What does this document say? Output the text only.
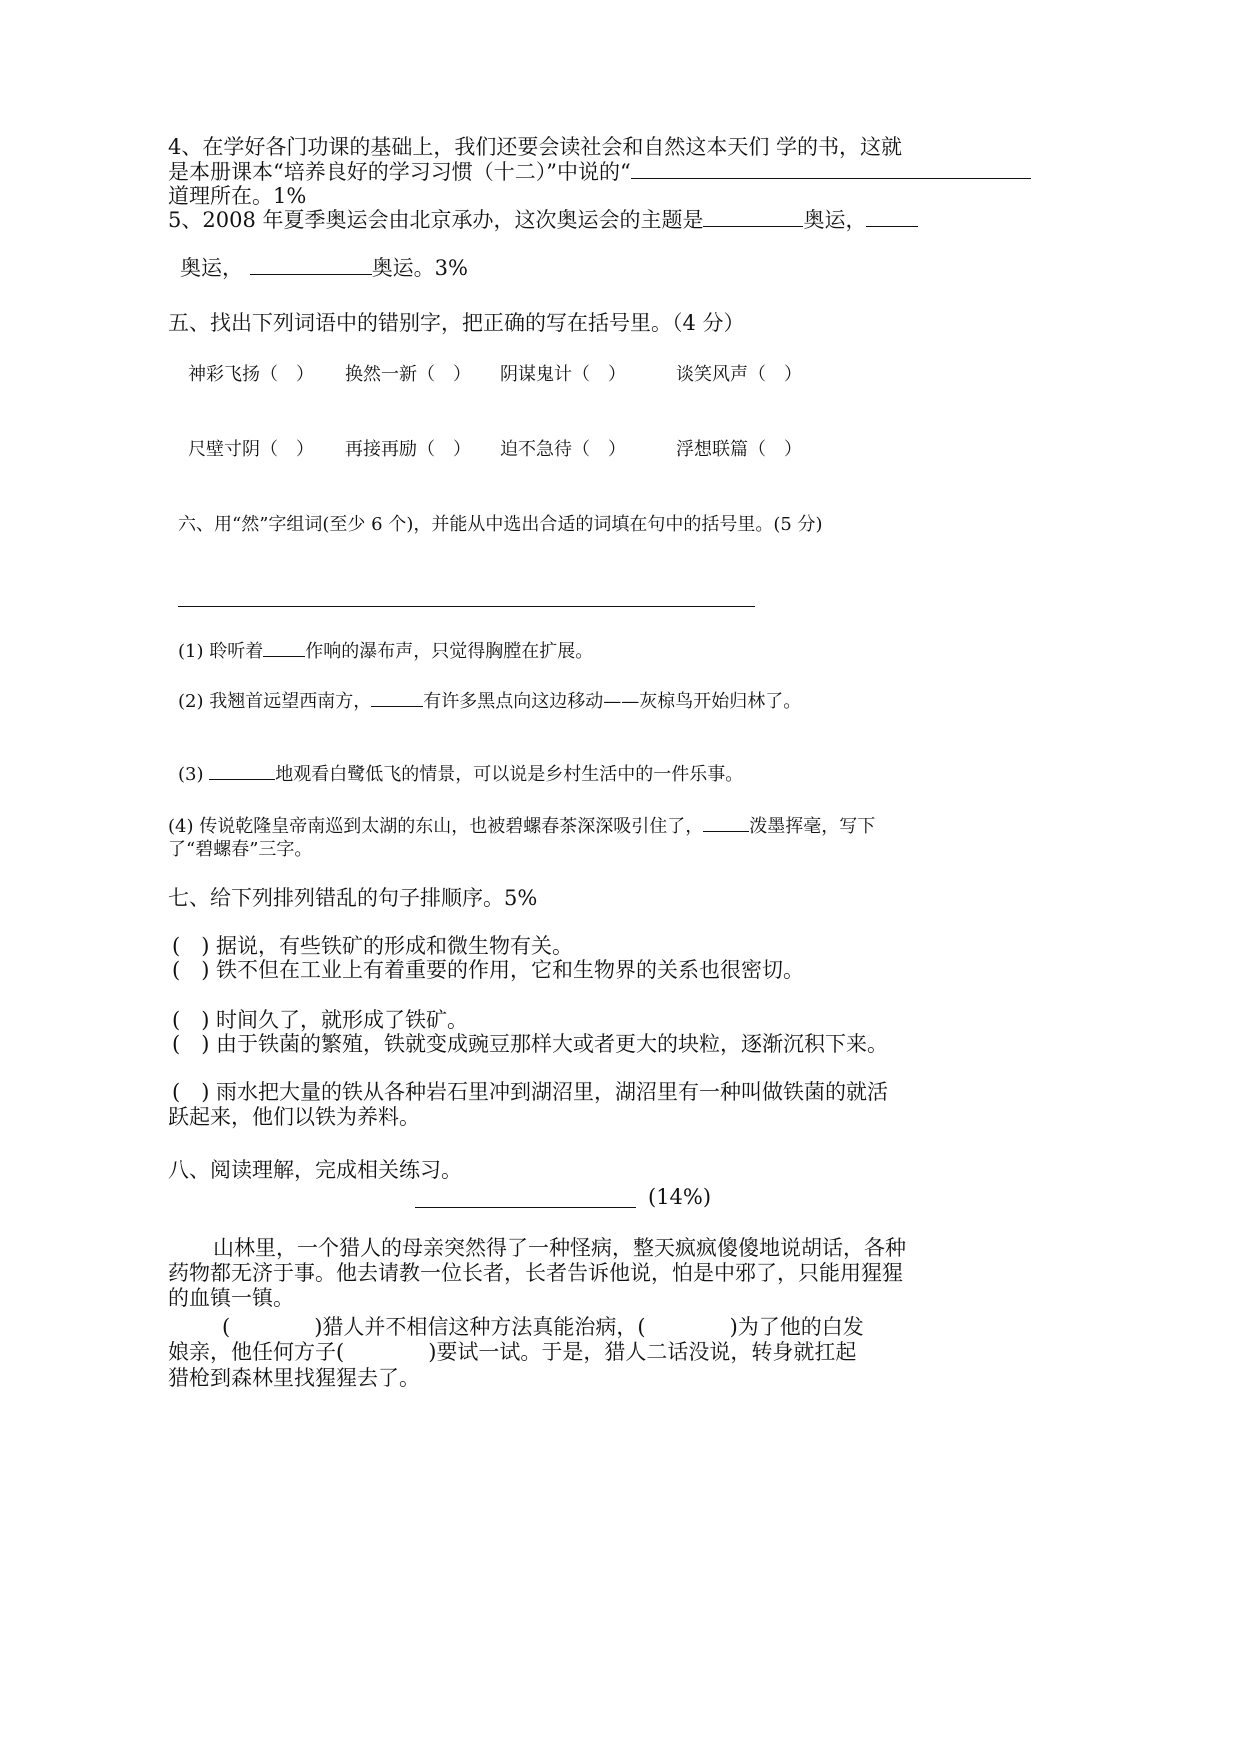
4、在学好各门功课的基础上，我们还要会读社会和自然这本天们 学的书，这就
是本册课本“培养良好的学习习惯（十二）”中说的“
道理所在。1%
5、2008 年夏季奥运会由北京承办，这次奥运会的主题是	奥运，
奥运，	奥运。3%
五、找出下列词语中的错别字，把正确的写在括号里。（4 分）
神彩飞扬（　） 换然一新（　） 阴谋鬼计（　）	谈笑风声（　）
尺壁寸阴（　） 再接再励（　） 迫不急待（　）	浮想联篇（　）
六、用“然”字组词(至少 6 个)，并能从中选出合适的词填在句中的括号里。(5 分)
(1) 聆听着 作响的瀑布声，只觉得胸膛在扩展。
(2) 我翘首远望西南方，	有许多黑点向这边移动——灰椋鸟开始归林了。
(3)	地观看白鹭低飞的情景，可以说是乡村生活中的一件乐事。
(4) 传说乾隆皇帝南巡到太湖的东山，也被碧螺春茶深深吸引住了，	泼墨挥毫，写下
了“碧螺春”三字。
七、给下列排列错乱的句子排顺序。5%
(　) 据说，有些铁矿的形成和微生物有关。
(　) 铁不但在工业上有着重要的作用，它和生物界的关系也很密切。
(　) 时间久了，就形成了铁矿。
(　) 由于铁菌的繁殖，铁就变成豌豆那样大或者更大的块粒，逐渐沉积下来。
(　) 雨水把大量的铁从各种岩石里冲到湖沼里，湖沼里有一种叫做铁菌的就活
跃起来，他们以铁为养料。
八、阅读理解，完成相关练习。
(14%)
山林里，一个猎人的母亲突然得了一种怪病，整天疯疯傻傻地说胡话，各种
药物都无济于事。他去请教一位长者，长者告诉他说，怕是中邪了，只能用猩猩
的血镇一镇。
(　　　　)猎人并不相信这种方法真能治病，(　　　　)为了他的白发
娘亲，他任何方子(　　　　)要试一试。于是，猎人二话没说，转身就扛起
猎枪到森林里找猩猩去了。
